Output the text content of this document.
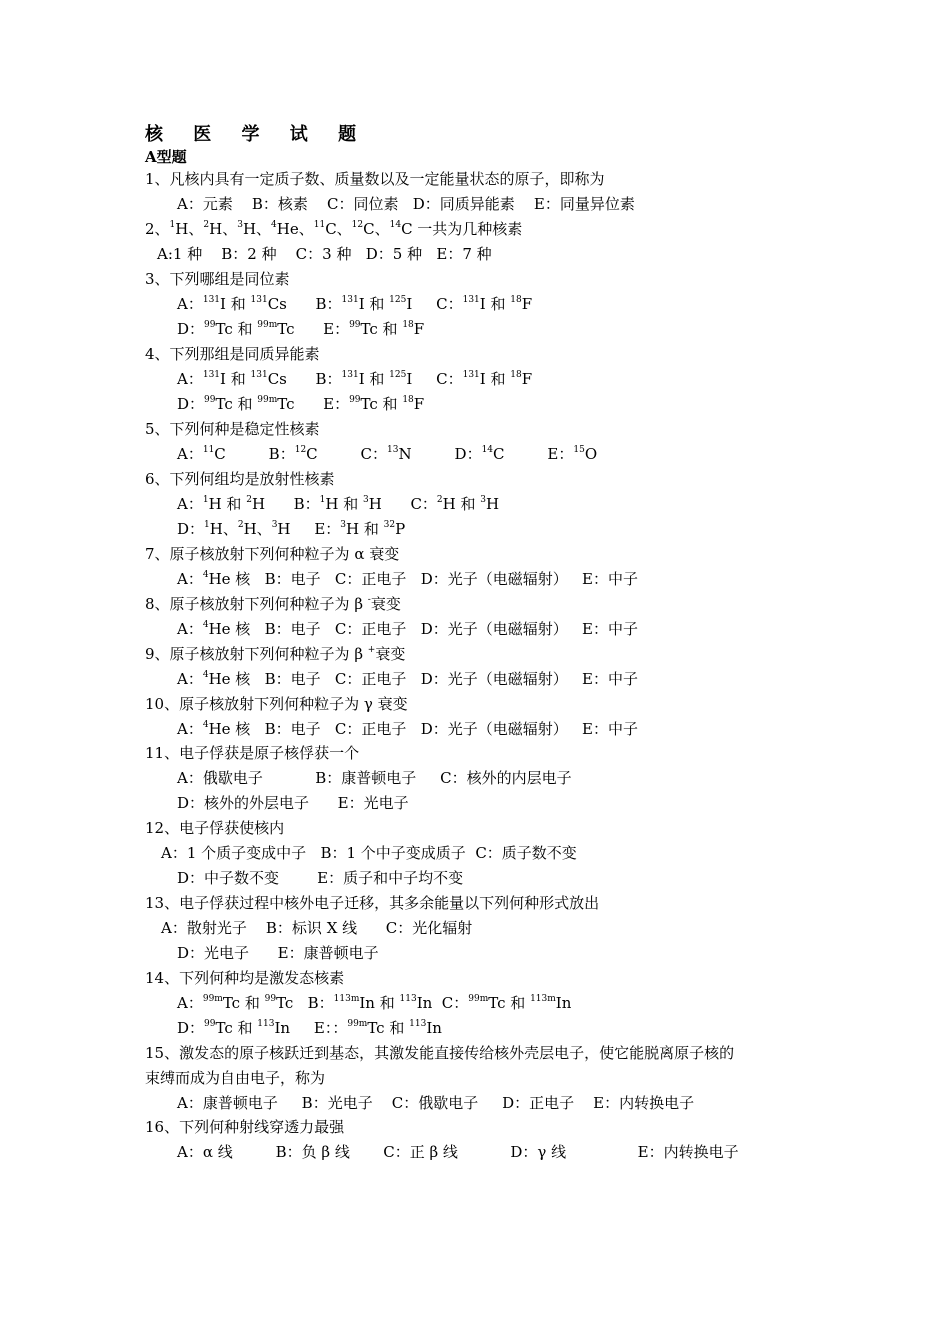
核 医 学 试 题
A型题
1、凡核内具有一定质子数、质量数以及一定能量状态的原子，即称为
A：元素    B：核素    C：同位素   D：同质异能素    E：同量异位素
2、$^1$H、$^2$H、$^3$H、$^4$He、$^{11}$C、$^{12}$C、$^{14}$C 一共为几种核素
A:1 种    B：2 种    C：3 种   D：5 种   E：7 种
3、下列哪组是同位素
A：$^{131}$I 和 $^{131}$Cs      B：$^{131}$I 和 $^{125}$I     C：$^{131}$I 和 $^{18}$F
D：$^{99}$Tc 和 $^{99m}$Tc      E：$^{99}$Tc 和 $^{18}$F
4、下列那组是同质异能素
A：$^{131}$I 和 $^{131}$Cs      B：$^{131}$I 和 $^{125}$I     C：$^{131}$I 和 $^{18}$F
D：$^{99}$Tc 和 $^{99m}$Tc      E：$^{99}$Tc 和 $^{18}$F
5、下列何种是稳定性核素
A：$^{11}$C         B：$^{12}$C         C：$^{13}$N         D：$^{14}$C         E：$^{15}$O
6、下列何组均是放射性核素
A：$^1$H 和 $^2$H      B：$^1$H 和 $^3$H      C：$^2$H 和 $^3$H
D：$^1$H、$^2$H、$^3$H     E：$^3$H 和 $^{32}$P
7、原子核放射下列何种粒子为 α 衰变
A：$^4$He 核   B：电子   C：正电子   D：光子（电磁辐射）   E：中子
8、原子核放射下列何种粒子为 β -衰变
A：$^4$He 核   B：电子   C：正电子   D：光子（电磁辐射）   E：中子
9、原子核放射下列何种粒子为 β +衰变
A：$^4$He 核   B：电子   C：正电子   D：光子（电磁辐射）   E：中子
10、原子核放射下列何种粒子为 γ 衰变
A：$^4$He 核   B：电子   C：正电子   D：光子（电磁辐射）   E：中子
11、电子俘获是原子核俘获一个
A：俄歇电子           B：康普顿电子     C：核外的内层电子
D：核外的外层电子      E：光电子
12、电子俘获使核内
A：1 个质子变成中子   B：1 个中子变成质子  C：质子数不变
D：中子数不变        E：质子和中子均不变
13、电子俘获过程中核外电子迁移，其多余能量以下列何种形式放出
A：散射光子    B：标识 X 线      C：光化辐射
D：光电子      E：康普顿电子
14、下列何种均是激发态核素
A：$^{99m}$Tc 和 $^{99}$Tc   B：$^{113m}$In 和 $^{113}$In  C：$^{99m}$Tc 和 $^{113m}$In
D：$^{99}$Tc 和 $^{113}$In     E：：$^{99m}$Tc 和 $^{113}$In
15、激发态的原子核跃迁到基态，其激发能直接传给核外壳层电子，使它能脱离原子核的
束缚而成为自由电子，称为
A：康普顿电子     B：光电子    C：俄歇电子     D：正电子    E：内转换电子
16、下列何种射线穿透力最强
A：α 线         B：负 β 线       C：正 β 线           D：γ 线               E：内转换电子
